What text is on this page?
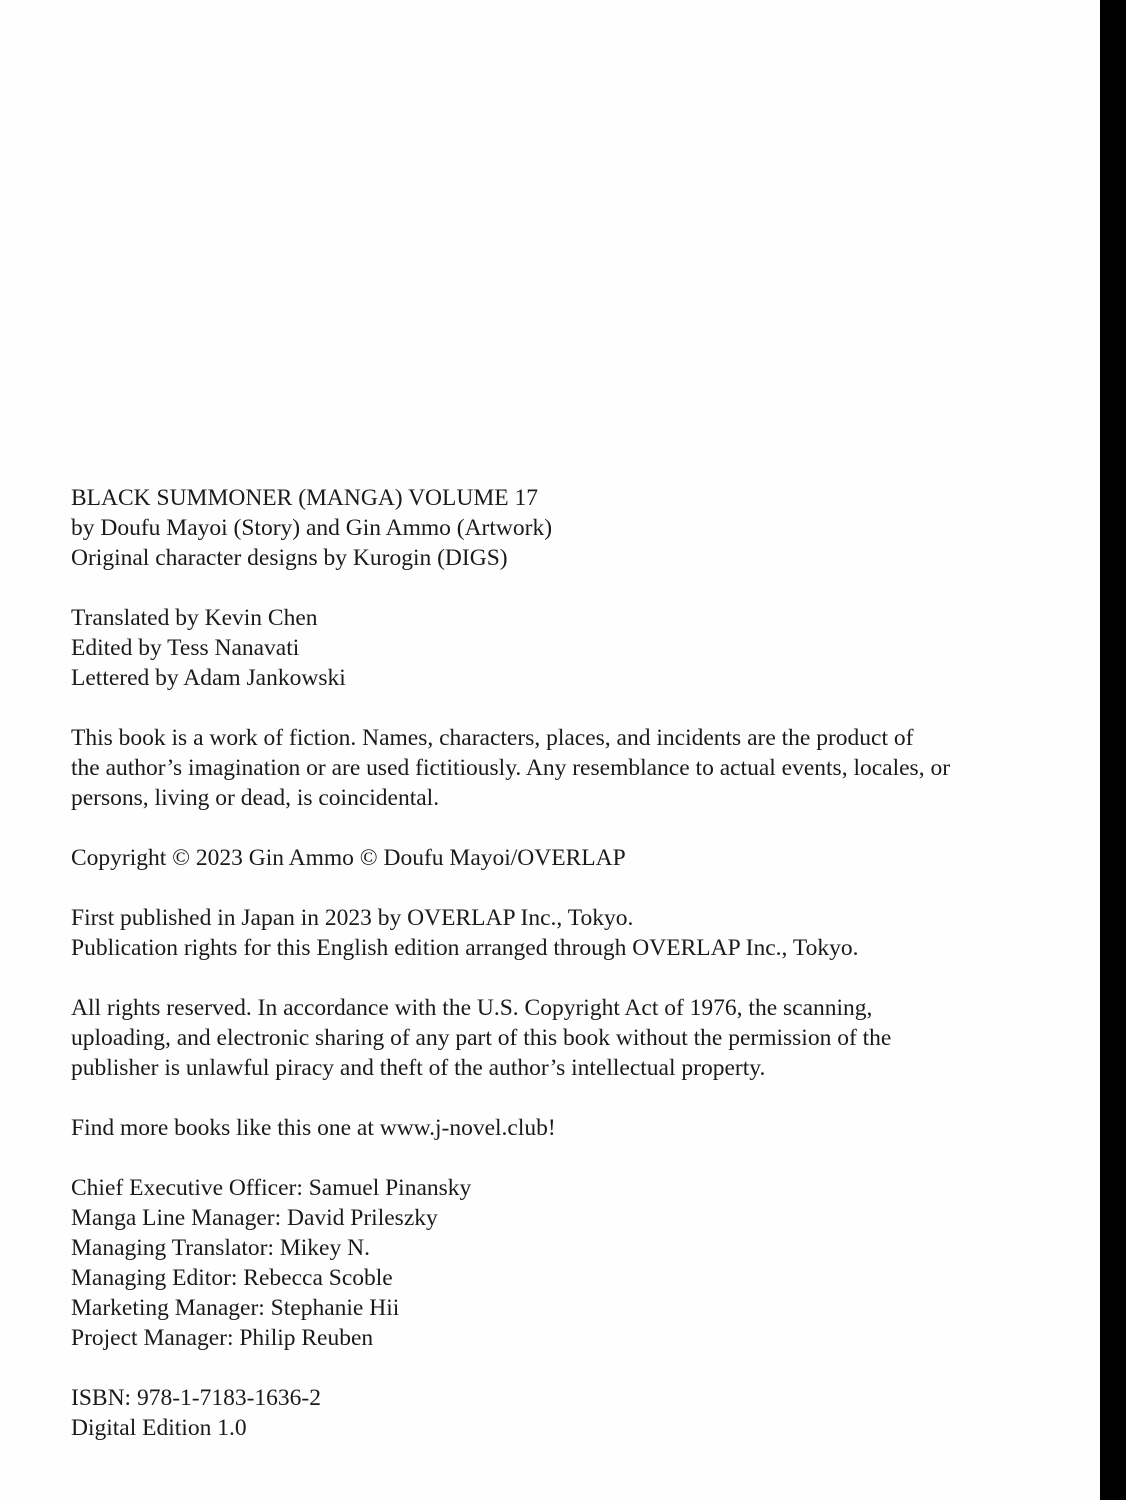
BLACK SUMMONER (MANGA) VOLUME 17
by Doufu Mayoi (Story) and Gin Ammo (Artwork)
Original character designs by Kurogin (DIGS)
Translated by Kevin Chen
Edited by Tess Nanavati
Lettered by Adam Jankowski
This book is a work of fiction. Names, characters, places, and incidents are the product of
the author’s imagination or are used fictitiously. Any resemblance to actual events, locales, or
persons, living or dead, is coincidental.
Copyright © 2023 Gin Ammo © Doufu Mayoi/OVERLAP
First published in Japan in 2023 by OVERLAP Inc., Tokyo.
Publication rights for this English edition arranged through OVERLAP Inc., Tokyo.
All rights reserved. In accordance with the U.S. Copyright Act of 1976, the scanning,
uploading, and electronic sharing of any part of this book without the permission of the
publisher is unlawful piracy and theft of the author’s intellectual property.
Find more books like this one at www.j-novel.club!
Chief Executive Officer: Samuel Pinansky
Manga Line Manager: David Prileszky
Managing Translator: Mikey N.
Managing Editor: Rebecca Scoble
Marketing Manager: Stephanie Hii
Project Manager: Philip Reuben
ISBN: 978-1-7183-1636-2
Digital Edition 1.0
